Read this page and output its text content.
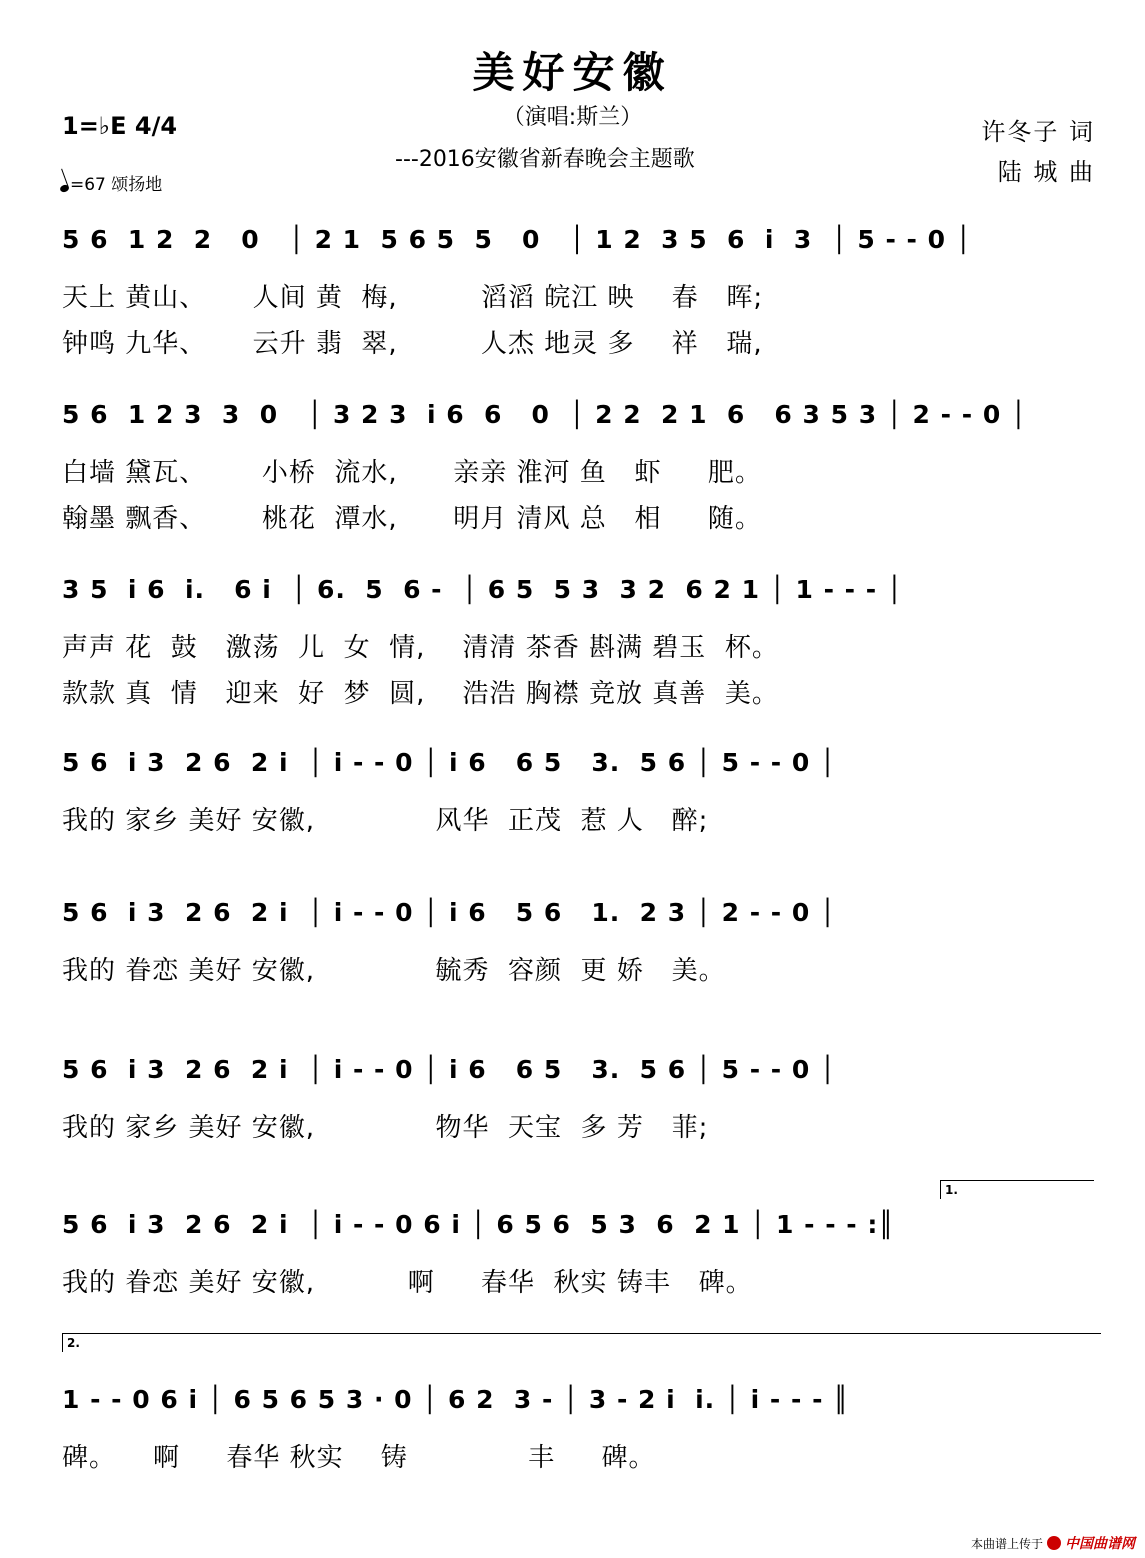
美好安徽
（演唱:斯兰）
---2016安徽省新春晚会主题歌
1=♭E 4/4	许冬子 词
陆 城 曲
=67 颂扬地
5 6  1 2  2   0   │ 2 1  5 6 5  5   0   │ 1 2  3 5  6  i  3  │ 5 - - 0 │
天上 黄山、     人间 黄  梅,         滔滔 皖江 映    春   晖;
钟鸣 九华、     云升 翡  翠,         人杰 地灵 多    祥   瑞,
5 6  1 2 3  3  0   │ 3 2 3  i 6  6   0  │ 2 2  2 1  6   6 3 5 3 │ 2 - - 0 │
白墙 黛瓦、      小桥  流水,      亲亲 淮河 鱼   虾     肥。
翰墨 飘香、      桃花  潭水,      明月 清风 总   相     随。
3 5  i 6  i.   6 i  │ 6.  5  6 -  │ 6 5  5 3  3 2  6 2 1 │ 1 - - - │
声声 花  鼓   激荡  儿  女  情,    清清 茶香 斟满 碧玉  杯。
款款 真  情   迎来  好  梦  圆,    浩浩 胸襟 竞放 真善  美。
5 6  i 3  2 6  2 i  │ i - - 0 │ i 6   6 5   3.  5 6 │ 5 - - 0 │
我的 家乡 美好 安徽,             风华  正茂  惹 人   醉;
5 6  i 3  2 6  2 i  │ i - - 0 │ i 6   5 6   1.  2 3 │ 2 - - 0 │
我的 眷恋 美好 安徽,             毓秀  容颜  更 娇   美。
5 6  i 3  2 6  2 i  │ i - - 0 │ i 6   6 5   3.  5 6 │ 5 - - 0 │
我的 家乡 美好 安徽,             物华  天宝  多 芳   菲;
1.
5 6  i 3  2 6  2 i  │ i - - 0 6 i │ 6 5 6  5 3  6  2 1 │ 1 - - - :║
我的 眷恋 美好 安徽,          啊     春华  秋实 铸丰   碑。
2.
1 - - 0 6 i │ 6 5 6 5 3 · 0 │ 6 2  3 - │ 3 - 2 i  i. │ i - - - ║
碑。    啊     春华 秋实    铸             丰     碑。
本曲谱上传于 中国曲谱网
